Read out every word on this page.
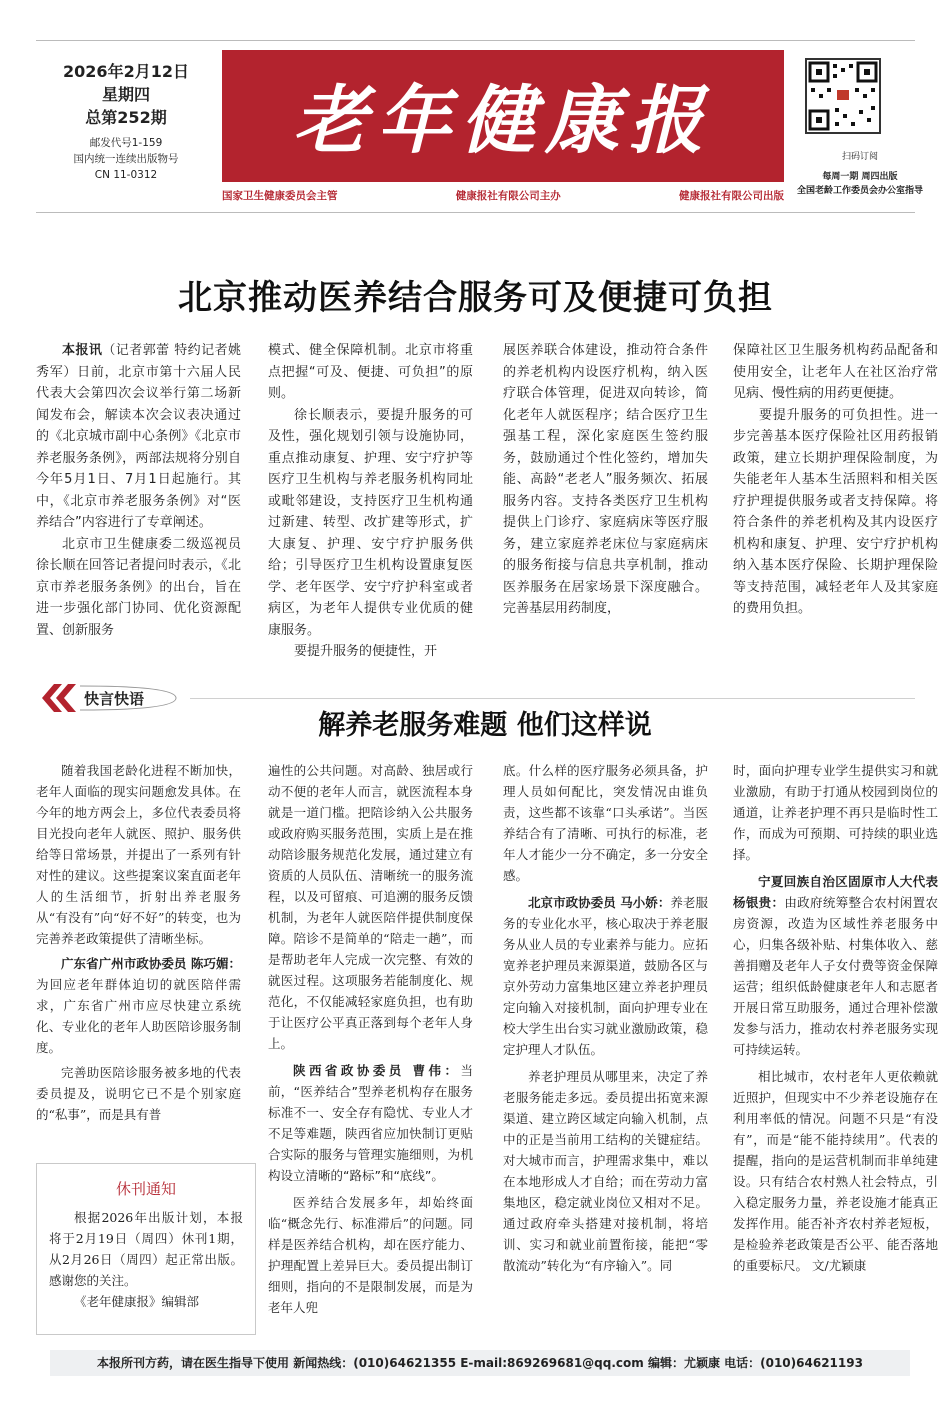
2026年2月12日
星期四
总第252期
邮发代号1-159
国内统一连续出版物号
CN 11-0312
老年健康报
国家卫生健康委员会主管	健康报社有限公司主办	健康报社有限公司出版
扫码订阅
每周一期 周四出版
全国老龄工作委员会办公室指导
北京推动医养结合服务可及便捷可负担

本报讯（记者郭蕾 特约记者姚秀军）日前，北京市第十六届人民代表大会第四次会议举行第二场新闻发布会，解读本次会议表决通过的《北京城市副中心条例》《北京市养老服务条例》，两部法规将分别自今年5月1日、7月1日起施行。其中，《北京市养老服务条例》对“医养结合”内容进行了专章阐述。

北京市卫生健康委二级巡视员徐长顺在回答记者提问时表示，《北京市养老服务条例》的出台，旨在进一步强化部门协同、优化资源配置、创新服务

模式、健全保障机制。北京市将重点把握“可及、便捷、可负担”的原则。

徐长顺表示，要提升服务的可及性，强化规划引领与设施协同，重点推动康复、护理、安宁疗护等医疗卫生机构与养老服务机构同址或毗邻建设，支持医疗卫生机构通过新建、转型、改扩建等形式，扩大康复、护理、安宁疗护服务供给；引导医疗卫生机构设置康复医学、老年医学、安宁疗护科室或者病区，为老年人提供专业优质的健康服务。

要提升服务的便捷性，开

展医养联合体建设，推动符合条件的养老机构内设医疗机构，纳入医疗联合体管理，促进双向转诊，简化老年人就医程序；结合医疗卫生强基工程，深化家庭医生签约服务，鼓励通过个性化签约，增加失能、高龄“老老人”服务频次、拓展服务内容。支持各类医疗卫生机构提供上门诊疗、家庭病床等医疗服务，建立家庭养老床位与家庭病床的服务衔接与信息共享机制，推动医养服务在居家场景下深度融合。完善基层用药制度，

保障社区卫生服务机构药品配备和使用安全，让老年人在社区治疗常见病、慢性病的用药更便捷。

要提升服务的可负担性。进一步完善基本医疗保险社区用药报销政策，建立长期护理保险制度，为失能老年人基本生活照料和相关医疗护理提供服务或者支持保障。将符合条件的养老机构及其内设医疗机构和康复、护理、安宁疗护机构纳入基本医疗保险、长期护理保险等支持范围，减轻老年人及其家庭的费用负担。

快言快语
解养老服务难题 他们这样说

随着我国老龄化进程不断加快，老年人面临的现实问题愈发具体。在今年的地方两会上，多位代表委员将目光投向老年人就医、照护、服务供给等日常场景，并提出了一系列有针对性的建议。这些提案议案直面老年人的生活细节，折射出养老服务从“有没有”向“好不好”的转变，也为完善养老政策提供了清晰坐标。

广东省广州市政协委员 陈巧媚：为回应老年群体迫切的就医陪伴需求，广东省广州市应尽快建立系统化、专业化的老年人助医陪诊服务制度。

完善助医陪诊服务被多地的代表委员提及，说明它已不是个别家庭的“私事”，而是具有普

休刊通知

根据2026年出版计划，本报将于2月19日（周四）休刊1期，从2月26日（周四）起正常出版。感谢您的关注。

《老年健康报》编辑部

遍性的公共问题。对高龄、独居或行动不便的老年人而言，就医流程本身就是一道门槛。把陪诊纳入公共服务或政府购买服务范围，实质上是在推动陪诊服务规范化发展，通过建立有资质的人员队伍、清晰统一的服务流程，以及可留痕、可追溯的服务反馈机制，为老年人就医陪伴提供制度保障。陪诊不是简单的“陪走一趟”，而是帮助老年人完成一次完整、有效的就医过程。这项服务若能制度化、规范化，不仅能减轻家庭负担，也有助于让医疗公平真正落到每个老年人身上。

陕西省政协委员 曹伟：当前，“医养结合”型养老机构存在服务标准不一、安全存有隐忧、专业人才不足等难题，陕西省应加快制订更贴合实际的服务与管理实施细则，为机构设立清晰的“路标”和“底线”。

医养结合发展多年，却始终面临“概念先行、标准滞后”的问题。同样是医养结合机构，却在医疗能力、护理配置上差异巨大。委员提出制订细则，指向的不是限制发展，而是为老年人兜

底。什么样的医疗服务必须具备，护理人员如何配比，突发情况由谁负责，这些都不该靠“口头承诺”。当医养结合有了清晰、可执行的标准，老年人才能少一分不确定，多一分安全感。

北京市政协委员 马小娇：养老服务的专业化水平，核心取决于养老服务从业人员的专业素养与能力。应拓宽养老护理员来源渠道，鼓励各区与京外劳动力富集地区建立养老护理员定向输入对接机制，面向护理专业在校大学生出台实习就业激励政策，稳定护理人才队伍。

养老护理员从哪里来，决定了养老服务能走多远。委员提出拓宽来源渠道、建立跨区域定向输入机制，点中的正是当前用工结构的关键症结。对大城市而言，护理需求集中，难以在本地形成人才自给；而在劳动力富集地区，稳定就业岗位又相对不足。通过政府牵头搭建对接机制，将培训、实习和就业前置衔接，能把“零散流动”转化为“有序输入”。同

时，面向护理专业学生提供实习和就业激励，有助于打通从校园到岗位的通道，让养老护理不再只是临时性工作，而成为可预期、可持续的职业选择。

宁夏回族自治区固原市人大代表 杨银贵：由政府统筹整合农村闲置农房资源，改造为区域性养老服务中心，归集各级补贴、村集体收入、慈善捐赠及老年人子女付费等资金保障运营；组织低龄健康老年人和志愿者开展日常互助服务，通过合理补偿激发参与活力，推动农村养老服务实现可持续运转。

相比城市，农村老年人更依赖就近照护，但现实中不少养老设施存在利用率低的情况。问题不只是“有没有”，而是“能不能持续用”。代表的提醒，指向的是运营机制而非单纯建设。只有结合农村熟人社会特点，引入稳定服务力量，养老设施才能真正发挥作用。能否补齐农村养老短板，是检验养老政策是否公平、能否落地的重要标尺。 文/尤颖康

本报所刊方药，请在医生指导下使用 新闻热线：(010)64621355 E-mail:869269681@qq.com 编辑：尤颖康 电话：(010)64621193
